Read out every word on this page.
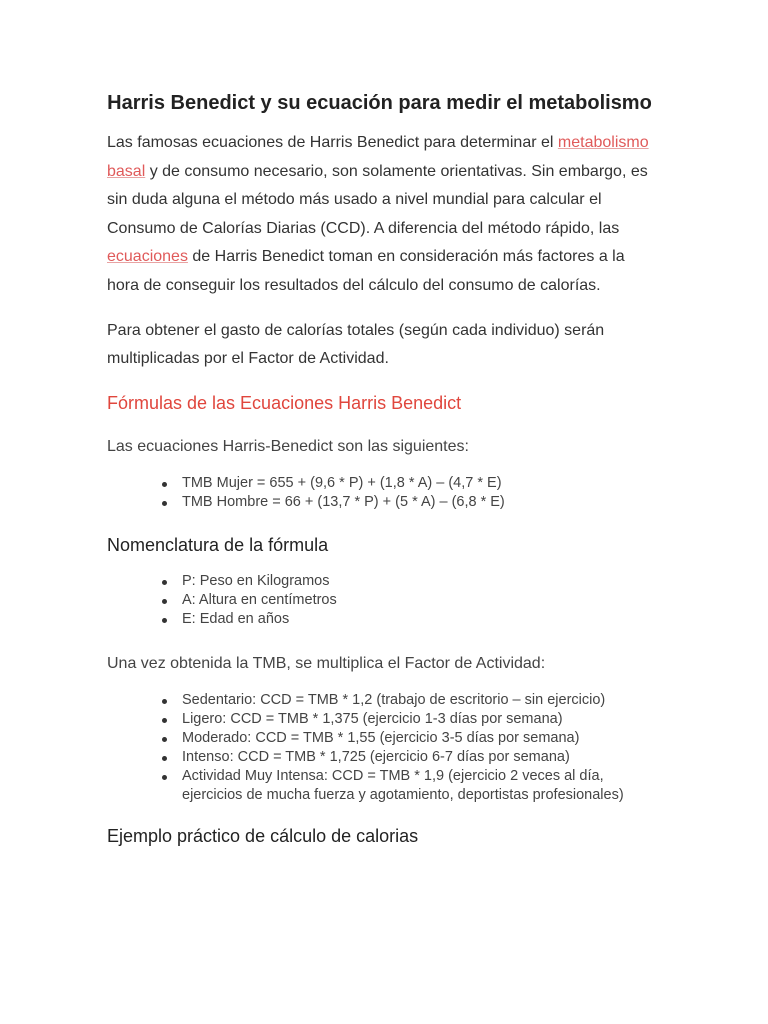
Harris Benedict y su ecuación para medir el metabolismo

Las famosas ecuaciones de Harris Benedict para determinar el metabolismo basal y de consumo necesario, son solamente orientativas. Sin embargo, es sin duda alguna el método más usado a nivel mundial para calcular el Consumo de Calorías Diarias (CCD). A diferencia del método rápido, las ecuaciones de Harris Benedict toman en consideración más factores a la hora de conseguir los resultados del cálculo del consumo de calorías.

Para obtener el gasto de calorías totales (según cada individuo) serán multiplicadas por el Factor de Actividad.

Fórmulas de las Ecuaciones Harris Benedict

Las ecuaciones Harris-Benedict son las siguientes:

TMB Mujer = 655 + (9,6 * P) + (1,8 * A) – (4,7 * E)
TMB Hombre = 66 + (13,7 * P) + (5 * A) – (6,8 * E)
Nomenclatura de la fórmula
P: Peso en Kilogramos
A: Altura en centímetros
E: Edad en años

Una vez obtenida la TMB, se multiplica el Factor de Actividad:

Sedentario: CCD = TMB * 1,2 (trabajo de escritorio – sin ejercicio)
Ligero: CCD = TMB * 1,375 (ejercicio 1-3 días por semana)
Moderado: CCD = TMB * 1,55 (ejercicio 3-5 días por semana)
Intenso: CCD = TMB * 1,725 (ejercicio 6-7 días por semana)
Actividad Muy Intensa: CCD = TMB * 1,9 (ejercicio 2 veces al día, ejercicios de mucha fuerza y agotamiento, deportistas profesionales)
Ejemplo práctico de cálculo de calorias
